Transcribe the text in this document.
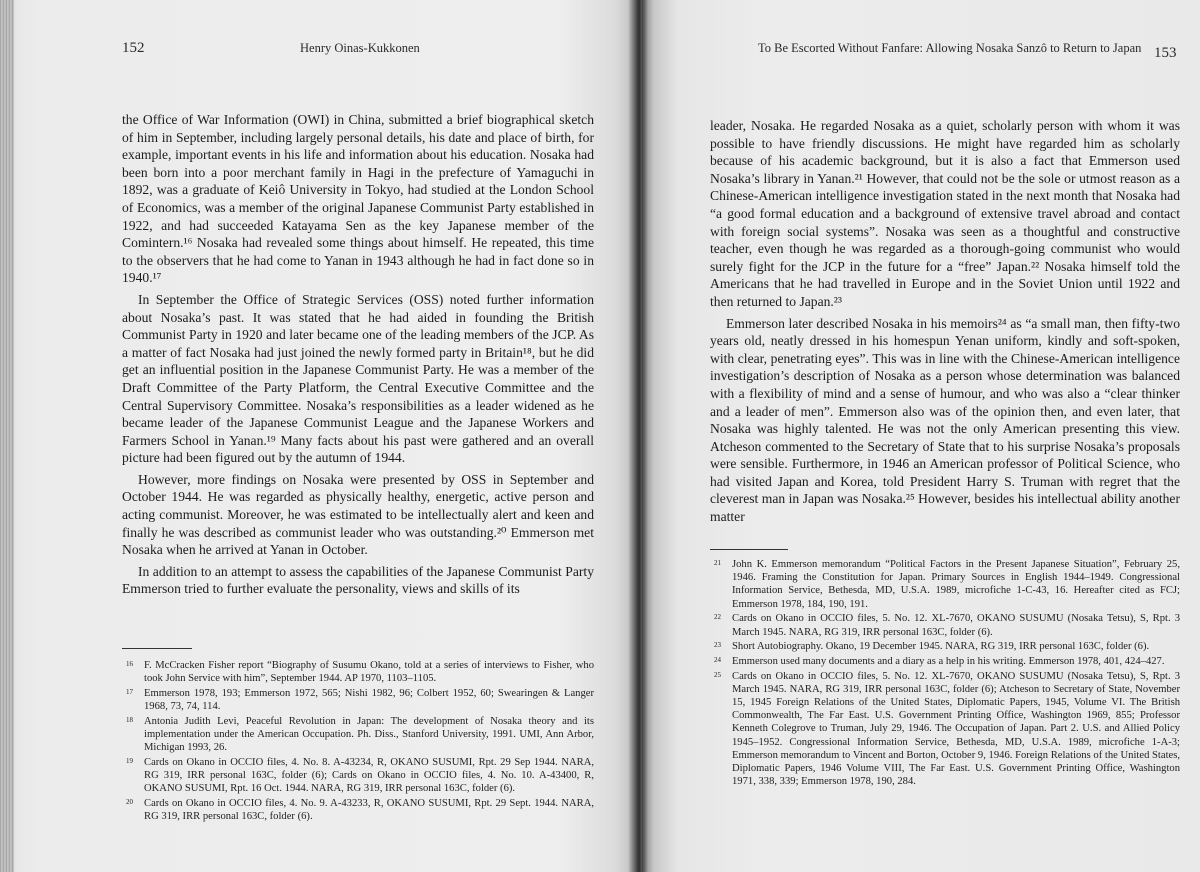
152	Henry Oinas-Kukkonen

the Office of War Information (OWI) in China, submitted a brief biographical sketch of him in September, including largely personal details, his date and place of birth, for example, important events in his life and information about his education. Nosaka had been born into a poor merchant family in Hagi in the prefecture of Yamaguchi in 1892, was a graduate of Keiô University in Tokyo, had studied at the London School of Economics, was a member of the original Japanese Communist Party established in 1922, and had succeeded Katayama Sen as the key Japanese member of the Comintern.¹⁶ Nosaka had revealed some things about himself. He repeated, this time to the observers that he had come to Yanan in 1943 although he had in fact done so in 1940.¹⁷

In September the Office of Strategic Services (OSS) noted further information about Nosaka’s past. It was stated that he had aided in founding the British Communist Party in 1920 and later became one of the leading members of the JCP. As a matter of fact Nosaka had just joined the newly formed party in Britain¹⁸, but he did get an influential position in the Japanese Communist Party. He was a member of the Draft Committee of the Party Platform, the Central Executive Committee and the Central Supervisory Committee. Nosaka’s responsibilities as a leader widened as he became leader of the Japanese Communist League and the Japanese Workers and Farmers School in Yanan.¹⁹ Many facts about his past were gathered and an overall picture had been figured out by the autumn of 1944.

However, more findings on Nosaka were presented by OSS in September and October 1944. He was regarded as physically healthy, energetic, active person and acting communist. Moreover, he was estimated to be intellectually alert and keen and finally he was described as communist leader who was outstanding.²⁰ Emmerson met Nosaka when he arrived at Yanan in October.

In addition to an attempt to assess the capabilities of the Japanese Communist Party Emmerson tried to further evaluate the personality, views and skills of its

16 F. McCracken Fisher report “Biography of Susumu Okano, told at a series of interviews to Fisher, who took John Service with him”, September 1944. AP 1970, 1103–1105.
17 Emmerson 1978, 193; Emmerson 1972, 565; Nishi 1982, 96; Colbert 1952, 60; Swearingen & Langer 1968, 73, 74, 114.
18 Antonia Judith Levi, Peaceful Revolution in Japan: The development of Nosaka theory and its implementation under the American Occupation. Ph. Diss., Stanford University, 1991. UMI, Ann Arbor, Michigan 1993, 26.
19 Cards on Okano in OCCIO files, 4. No. 8. A-43234, R, OKANO SUSUMI, Rpt. 29 Sep 1944. NARA, RG 319, IRR personal 163C, folder (6); Cards on Okano in OCCIO files, 4. No. 10. A-43400, R, OKANO SUSUMI, Rpt. 16 Oct. 1944. NARA, RG 319, IRR personal 163C, folder (6).
20 Cards on Okano in OCCIO files, 4. No. 9. A-43233, R, OKANO SUSUMI, Rpt. 29 Sept. 1944. NARA, RG 319, IRR personal 163C, folder (6).
To Be Escorted Without Fanfare: Allowing Nosaka Sanzô to Return to Japan 153

leader, Nosaka. He regarded Nosaka as a quiet, scholarly person with whom it was possible to have friendly discussions. He might have regarded him as scholarly because of his academic background, but it is also a fact that Emmerson used Nosaka’s library in Yanan.²¹ However, that could not be the sole or utmost reason as a Chinese-American intelligence investigation stated in the next month that Nosaka had “a good formal education and a background of extensive travel abroad and contact with foreign social systems”. Nosaka was seen as a thoughtful and constructive teacher, even though he was regarded as a thorough-going communist who would surely fight for the JCP in the future for a “free” Japan.²² Nosaka himself told the Americans that he had travelled in Europe and in the Soviet Union until 1922 and then returned to Japan.²³

Emmerson later described Nosaka in his memoirs²⁴ as “a small man, then fifty-two years old, neatly dressed in his homespun Yenan uniform, kindly and soft-spoken, with clear, penetrating eyes”. This was in line with the Chinese-American intelligence investigation’s description of Nosaka as a person whose determination was balanced with a flexibility of mind and a sense of humour, and who was also a “clear thinker and a leader of men”. Emmerson also was of the opinion then, and even later, that Nosaka was highly talented. He was not the only American presenting this view. Atcheson commented to the Secretary of State that to his surprise Nosaka’s proposals were sensible. Furthermore, in 1946 an American professor of Political Science, who had visited Japan and Korea, told President Harry S. Truman with regret that the cleverest man in Japan was Nosaka.²⁵ However, besides his intellectual ability another matter

21 John K. Emmerson memorandum “Political Factors in the Present Japanese Situation”, February 25, 1946. Framing the Constitution for Japan. Primary Sources in English 1944–1949. Congressional Information Service, Bethesda, MD, U.S.A. 1989, microfiche 1-C-43, 16. Hereafter cited as FCJ; Emmerson 1978, 184, 190, 191.
22 Cards on Okano in OCCIO files, 5. No. 12. XL-7670, OKANO SUSUMU (Nosaka Tetsu), S, Rpt. 3 March 1945. NARA, RG 319, IRR personal 163C, folder (6).
23 Short Autobiography. Okano, 19 December 1945. NARA, RG 319, IRR personal 163C, folder (6).
24 Emmerson used many documents and a diary as a help in his writing. Emmerson 1978, 401, 424–427.
25 Cards on Okano in OCCIO files, 5. No. 12. XL-7670, OKANO SUSUMU (Nosaka Tetsu), S, Rpt. 3 March 1945. NARA, RG 319, IRR personal 163C, folder (6); Atcheson to Secretary of State, November 15, 1945 Foreign Relations of the United States, Diplomatic Papers, 1945, Volume VI. The British Commonwealth, The Far East. U.S. Government Printing Office, Washington 1969, 855; Professor Kenneth Colegrove to Truman, July 29, 1946. The Occupation of Japan. Part 2. U.S. and Allied Policy 1945–1952. Congressional Information Service, Bethesda, MD, U.S.A. 1989, microfiche 1-A-3; Emmerson memorandum to Vincent and Borton, October 9, 1946. Foreign Relations of the United States, Diplomatic Papers, 1946 Volume VIII, The Far East. U.S. Government Printing Office, Washington 1971, 338, 339; Emmerson 1978, 190, 284.
